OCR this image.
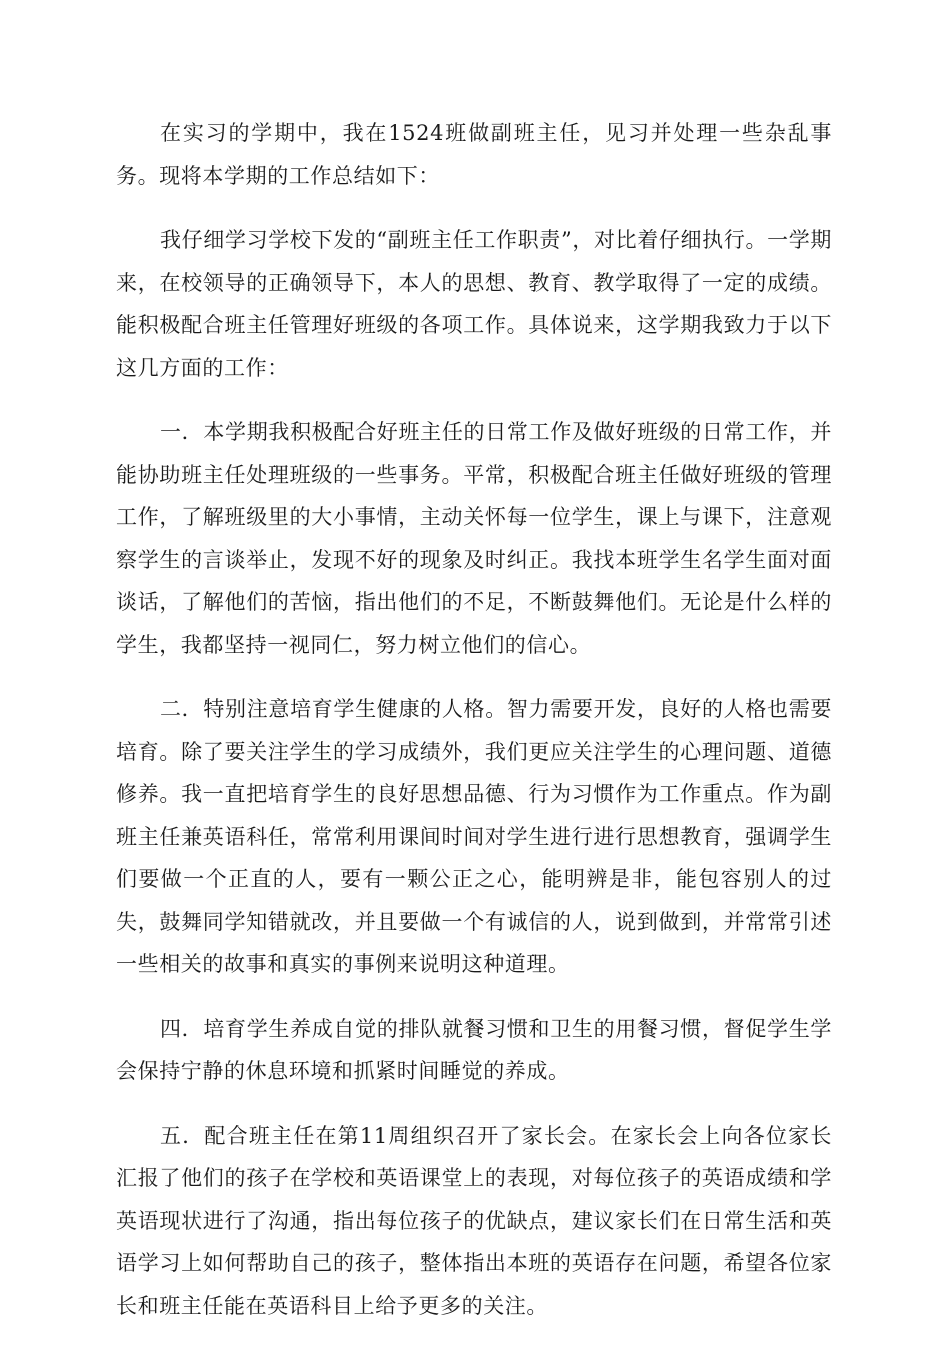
在实习的学期中，我在1524班做副班主任，见习并处理一些杂乱事务。现将本学期的工作总结如下：

我仔细学习学校下发的“副班主任工作职责”，对比着仔细执行。一学期来，在校领导的正确领导下，本人的思想、教育、教学取得了一定的成绩。能积极配合班主任管理好班级的各项工作。具体说来，这学期我致力于以下这几方面的工作：

一．本学期我积极配合好班主任的日常工作及做好班级的日常工作，并能协助班主任处理班级的一些事务。平常，积极配合班主任做好班级的管理工作，了解班级里的大小事情，主动关怀每一位学生，课上与课下，注意观察学生的言谈举止，发现不好的现象及时纠正。我找本班学生名学生面对面谈话，了解他们的苦恼，指出他们的不足，不断鼓舞他们。无论是什么样的学生，我都坚持一视同仁，努力树立他们的信心。

二．特别注意培育学生健康的人格。智力需要开发，良好的人格也需要培育。除了要关注学生的学习成绩外，我们更应关注学生的心理问题、道德修养。我一直把培育学生的良好思想品德、行为习惯作为工作重点。作为副班主任兼英语科任，常常利用课间时间对学生进行进行思想教育，强调学生们要做一个正直的人，要有一颗公正之心，能明辨是非，能包容别人的过失，鼓舞同学知错就改，并且要做一个有诚信的人，说到做到，并常常引述一些相关的故事和真实的事例来说明这种道理。

四．培育学生养成自觉的排队就餐习惯和卫生的用餐习惯，督促学生学会保持宁静的休息环境和抓紧时间睡觉的养成。

五．配合班主任在第11周组织召开了家长会。在家长会上向各位家长汇报了他们的孩子在学校和英语课堂上的表现，对每位孩子的英语成绩和学英语现状进行了沟通，指出每位孩子的优缺点，建议家长们在日常生活和英语学习上如何帮助自己的孩子，整体指出本班的英语存在问题，希望各位家长和班主任能在英语科目上给予更多的关注。
